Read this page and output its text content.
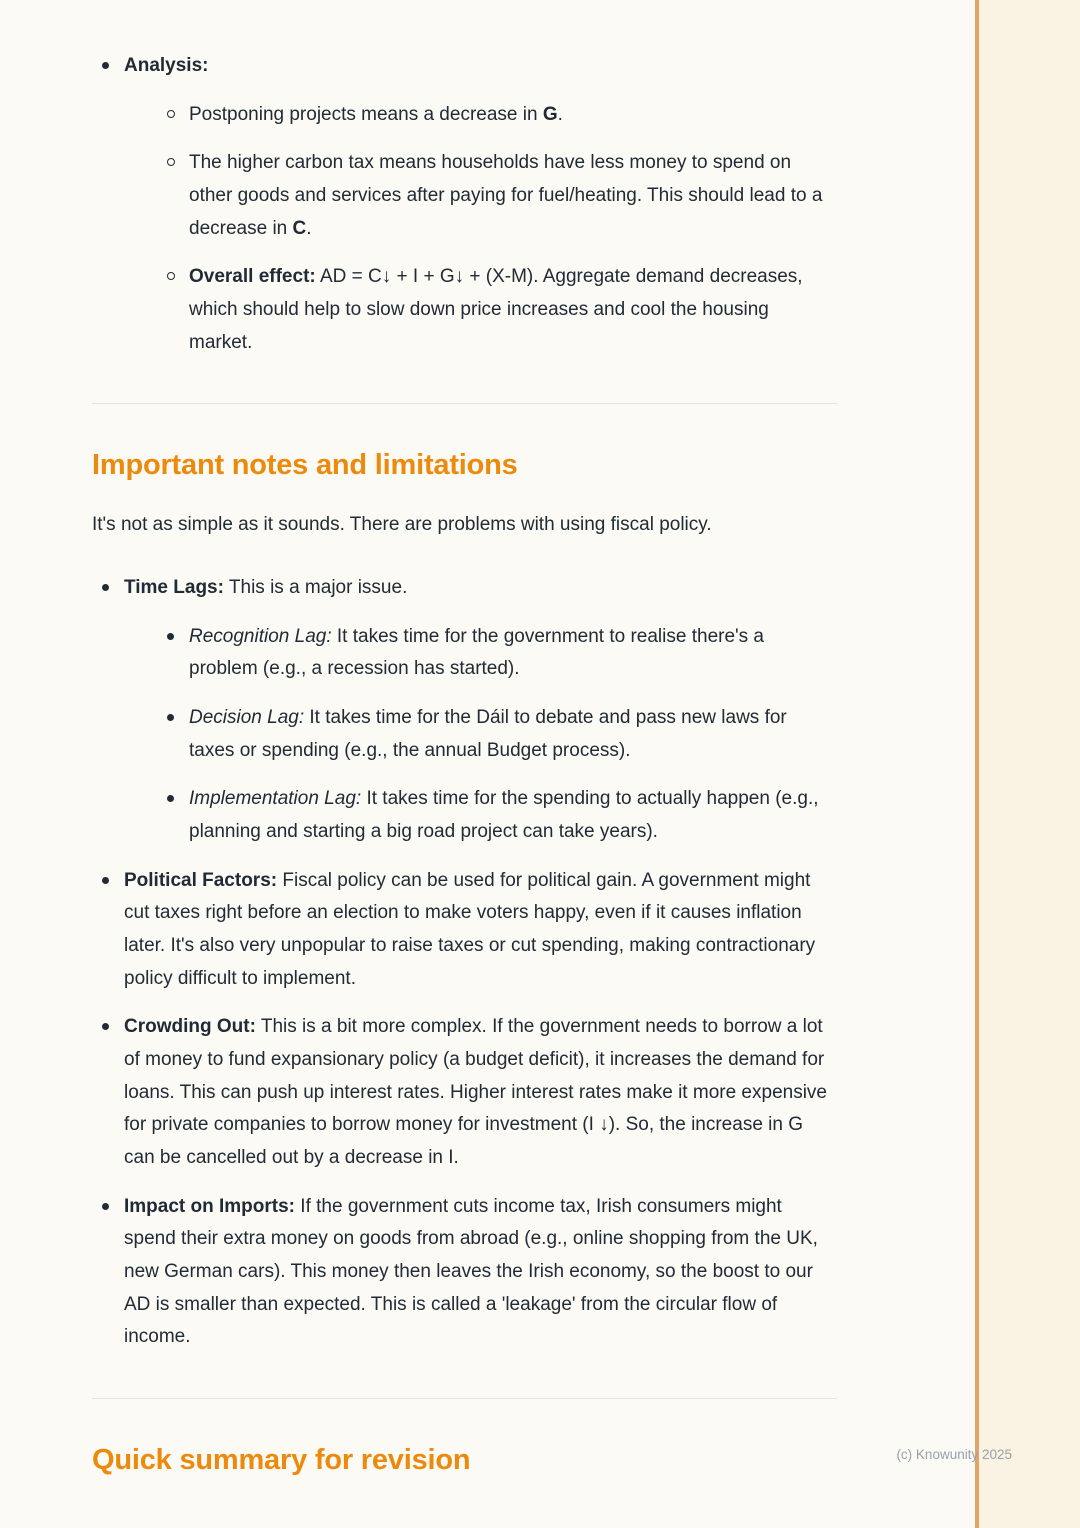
Analysis:
Postponing projects means a decrease in G.
The higher carbon tax means households have less money to spend on other goods and services after paying for fuel/heating. This should lead to a decrease in C.
Overall effect: AD = C↓ + I + G↓ + (X-M). Aggregate demand decreases, which should help to slow down price increases and cool the housing market.
Important notes and limitations

It's not as simple as it sounds. There are problems with using fiscal policy.

Time Lags: This is a major issue.
Recognition Lag: It takes time for the government to realise there's a problem (e.g., a recession has started).
Decision Lag: It takes time for the Dáil to debate and pass new laws for taxes or spending (e.g., the annual Budget process).
Implementation Lag: It takes time for the spending to actually happen (e.g., planning and starting a big road project can take years).
Political Factors: Fiscal policy can be used for political gain. A government might cut taxes right before an election to make voters happy, even if it causes inflation later. It's also very unpopular to raise taxes or cut spending, making contractionary policy difficult to implement.
Crowding Out: This is a bit more complex. If the government needs to borrow a lot of money to fund expansionary policy (a budget deficit), it increases the demand for loans. This can push up interest rates. Higher interest rates make it more expensive for private companies to borrow money for investment (I ↓). So, the increase in G can be cancelled out by a decrease in I.
Impact on Imports: If the government cuts income tax, Irish consumers might spend their extra money on goods from abroad (e.g., online shopping from the UK, new German cars). This money then leaves the Irish economy, so the boost to our AD is smaller than expected. This is called a 'leakage' from the circular flow of income.
Quick summary for revision	(c) Knowunity 2025
